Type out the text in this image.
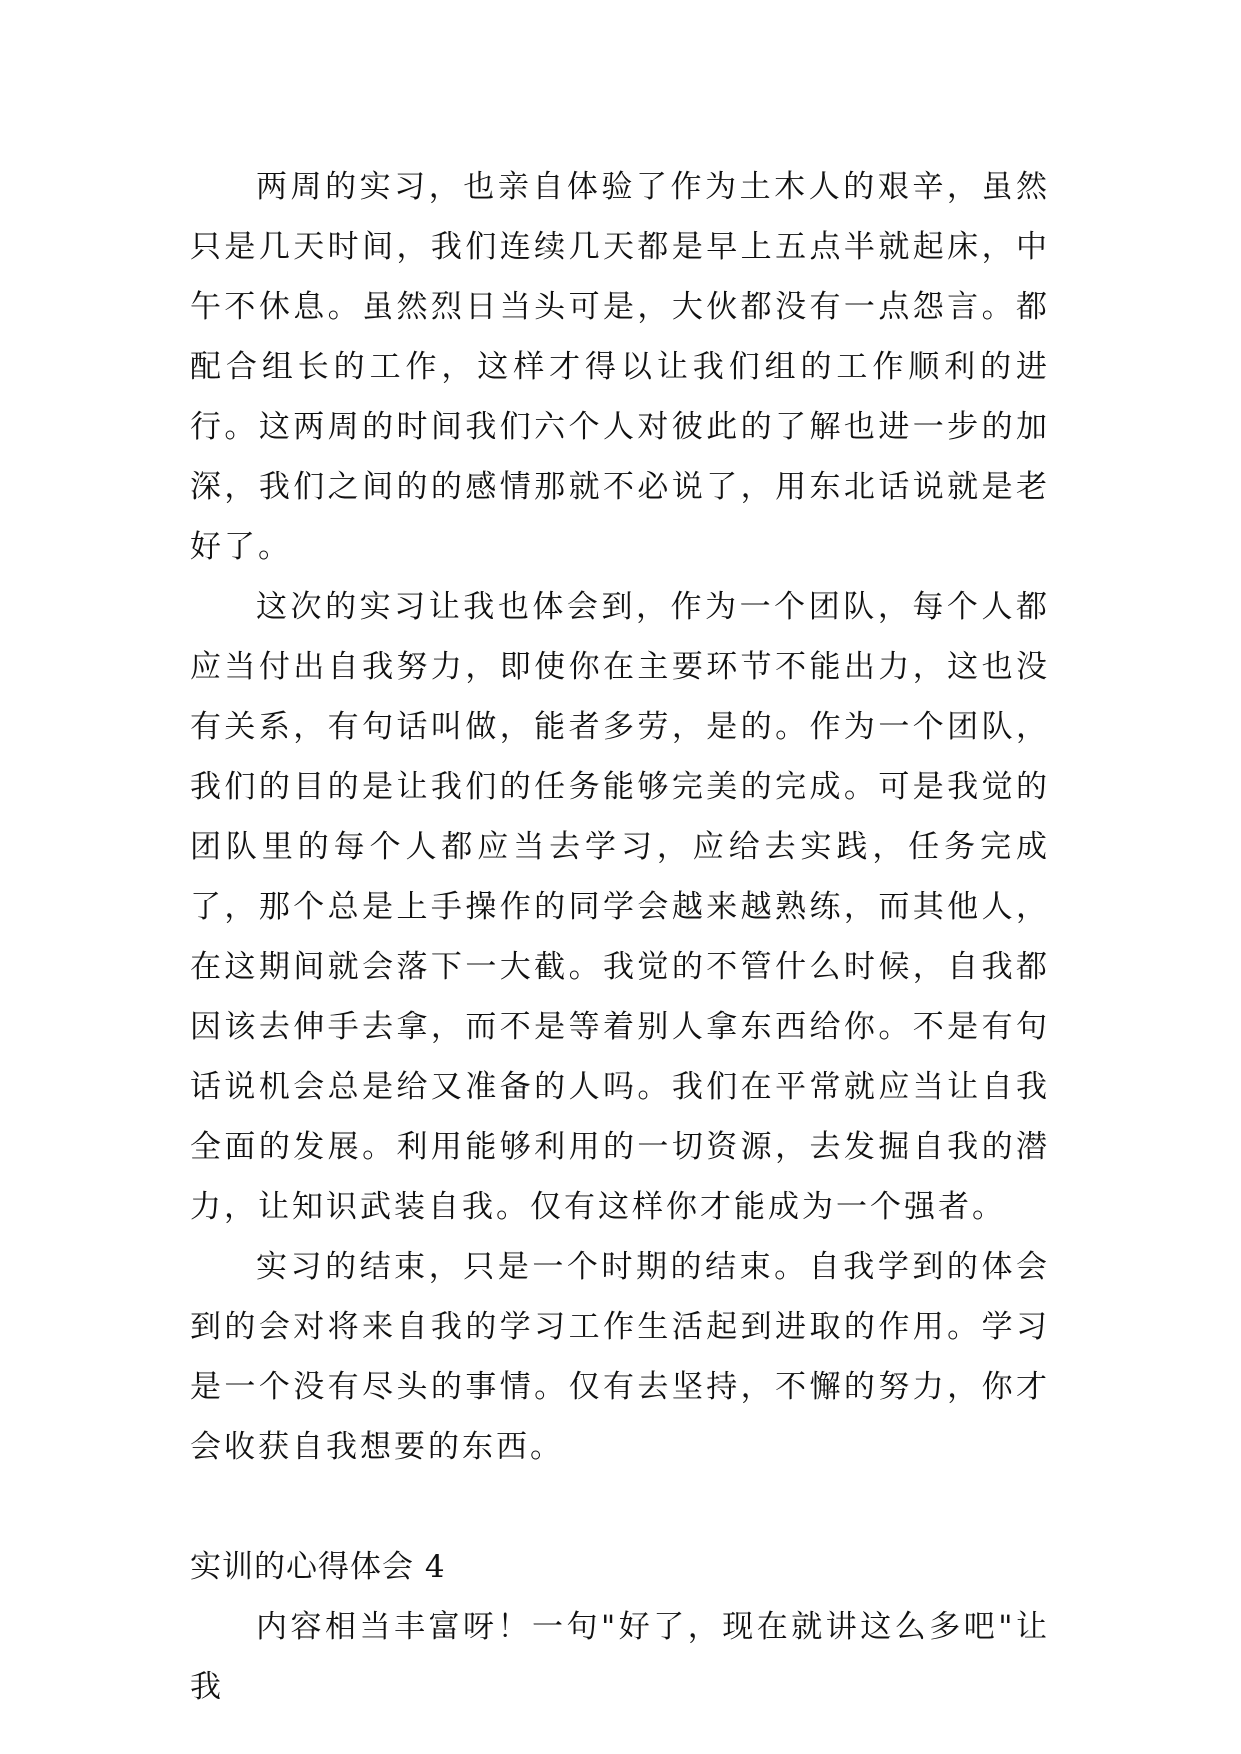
两周的实习，也亲自体验了作为土木人的艰辛，虽然只是几天时间，我们连续几天都是早上五点半就起床，中午不休息。虽然烈日当头可是，大伙都没有一点怨言。都配合组长的工作，这样才得以让我们组的工作顺利的进行。这两周的时间我们六个人对彼此的了解也进一步的加深，我们之间的的感情那就不必说了，用东北话说就是老好了。

这次的实习让我也体会到，作为一个团队，每个人都应当付出自我努力，即使你在主要环节不能出力，这也没有关系，有句话叫做，能者多劳，是的。作为一个团队，我们的目的是让我们的任务能够完美的完成。可是我觉的团队里的每个人都应当去学习，应给去实践，任务完成了，那个总是上手操作的同学会越来越熟练，而其他人，在这期间就会落下一大截。我觉的不管什么时候，自我都因该去伸手去拿，而不是等着别人拿东西给你。不是有句话说机会总是给又准备的人吗。我们在平常就应当让自我全面的发展。利用能够利用的一切资源，去发掘自我的潜力，让知识武装自我。仅有这样你才能成为一个强者。

实习的结束，只是一个时期的结束。自我学到的体会到的会对将来自我的学习工作生活起到进取的作用。学习是一个没有尽头的事情。仅有去坚持，不懈的努力，你才会收获自我想要的东西。

实训的心得体会 4

内容相当丰富呀！一句"好了，现在就讲这么多吧"让我
